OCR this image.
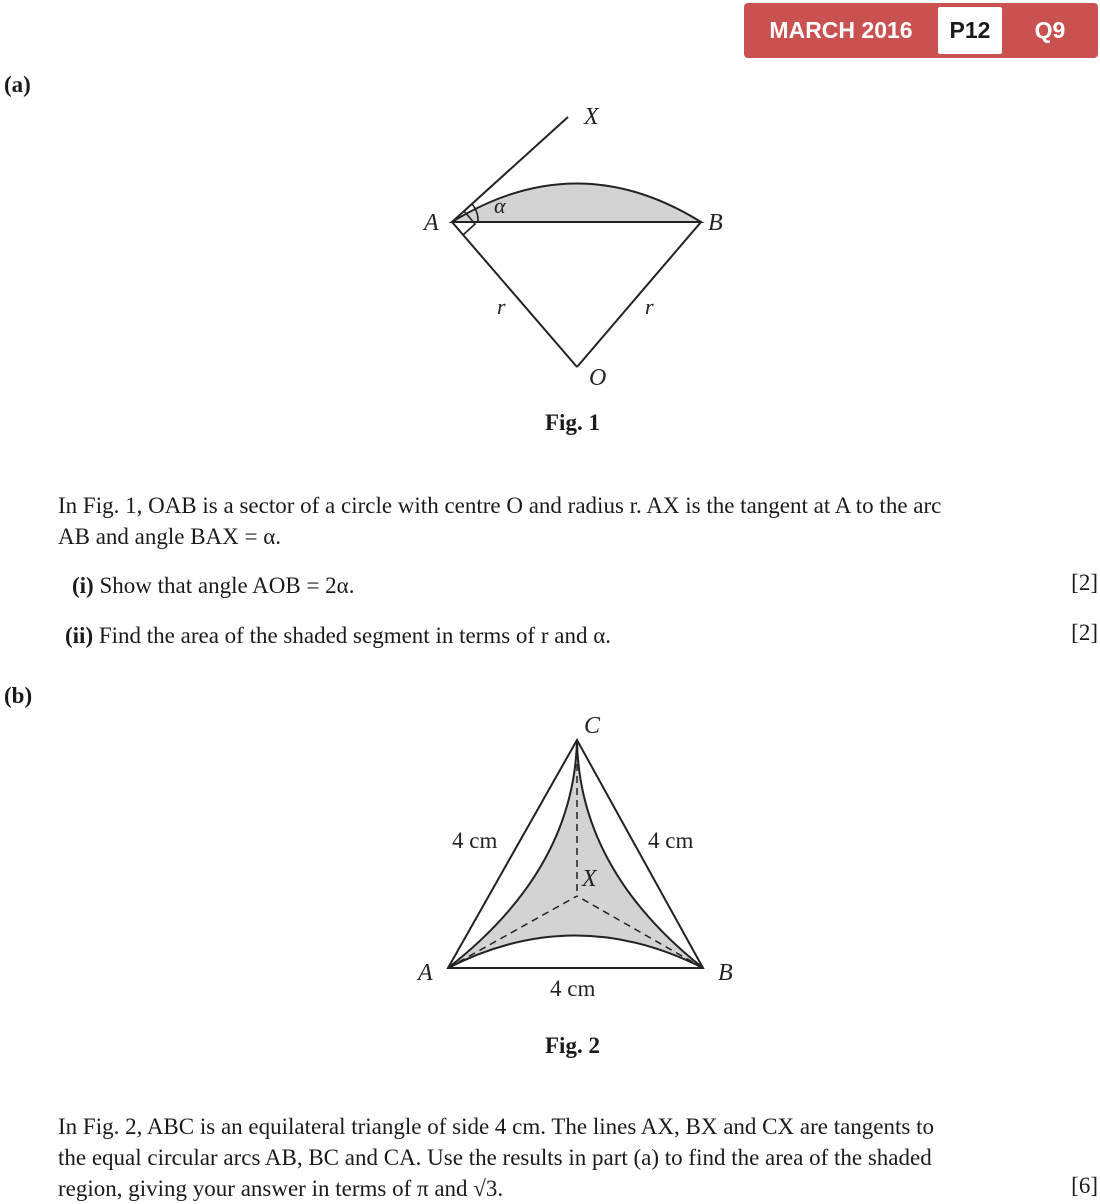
MARCH 2016	P12	Q9
(a)
X
α
A	B
r	r
O
Fig. 1
In Fig. 1, OAB is a sector of a circle with centre O and radius r. AX is the tangent at A to the arc
AB and angle BAX = α.
(i) Show that angle AOB = 2α.	[2]
(ii) Find the area of the shaded segment in terms of r and α.	[2]
(b)
C
X
A	B
4 cm	4 cm
4 cm
Fig. 2
In Fig. 2, ABC is an equilateral triangle of side 4 cm. The lines AX, BX and CX are tangents to
the equal circular arcs AB, BC and CA. Use the results in part (a) to find the area of the shaded
region, giving your answer in terms of π and √3.	[6]
